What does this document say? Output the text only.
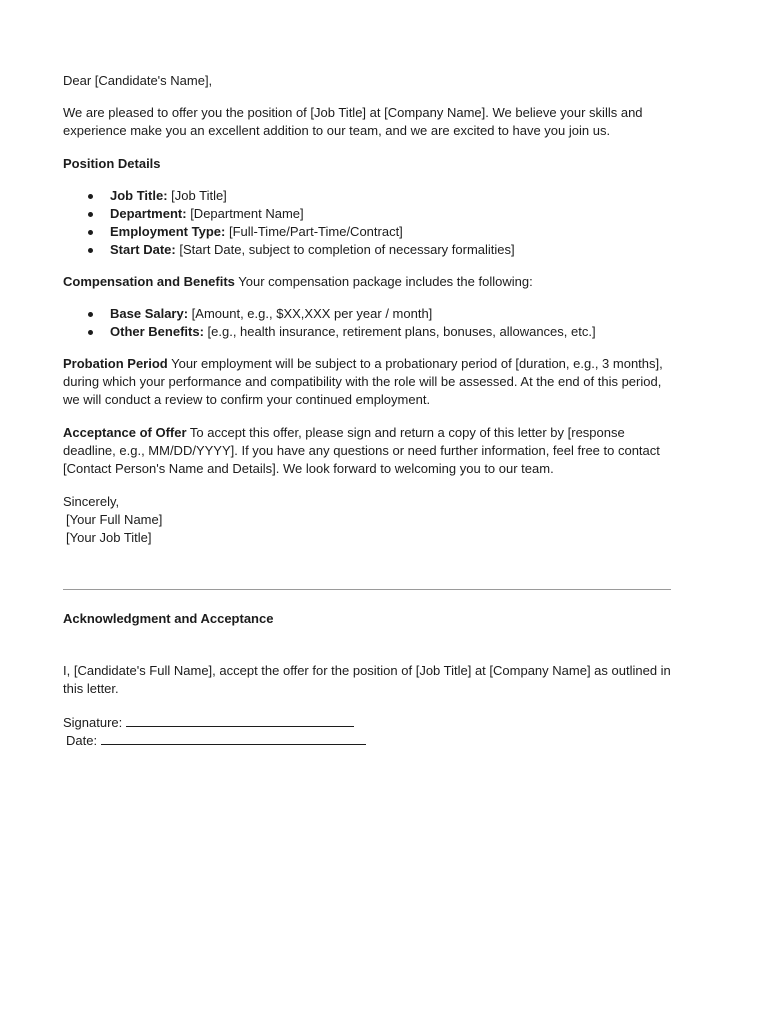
Dear [Candidate's Name],

We are pleased to offer you the position of [Job Title] at [Company Name]. We believe your skills and experience make you an excellent addition to our team, and we are excited to have you join us.

Position Details

Job Title: [Job Title]
Department: [Department Name]
Employment Type: [Full-Time/Part-Time/Contract]
Start Date: [Start Date, subject to completion of necessary formalities]

Compensation and Benefits Your compensation package includes the following:

Base Salary: [Amount, e.g., $XX,XXX per year / month]
Other Benefits: [e.g., health insurance, retirement plans, bonuses, allowances, etc.]

Probation Period Your employment will be subject to a probationary period of [duration, e.g., 3 months], during which your performance and compatibility with the role will be assessed. At the end of this period, we will conduct a review to confirm your continued employment.

Acceptance of Offer To accept this offer, please sign and return a copy of this letter by [response deadline, e.g., MM/DD/YYYY]. If you have any questions or need further information, feel free to contact [Contact Person's Name and Details]. We look forward to welcoming you to our team.

Sincerely,

[Your Full Name]

[Your Job Title]

Acknowledgment and Acceptance

I, [Candidate's Full Name], accept the offer for the position of [Job Title] at [Company Name] as outlined in this letter.

Signature:
Date:
